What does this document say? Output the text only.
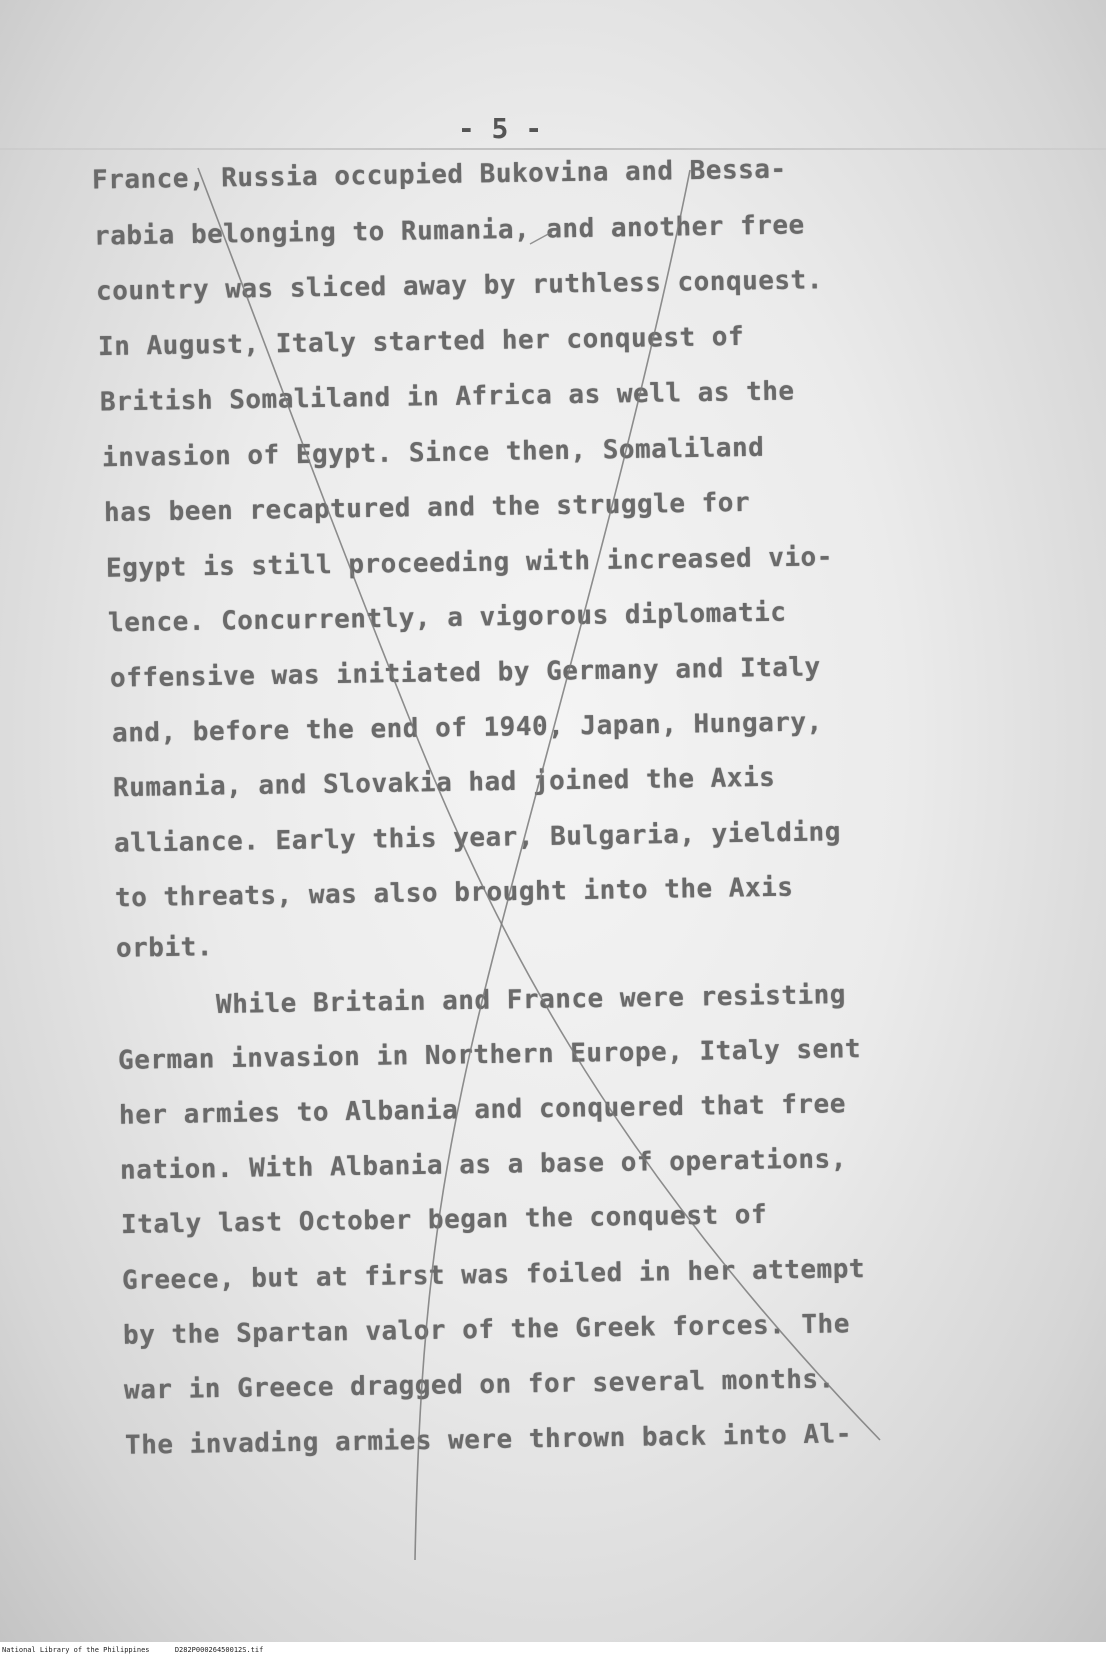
- 5 -
France, Russia occupied Bukovina and Bessa-
rabia belonging to Rumania, and another free
country was sliced away by ruthless conquest.
In August, Italy started her conquest of
British Somaliland in Africa as well as the
invasion of Egypt. Since then, Somaliland
has been recaptured and the struggle for
Egypt is still proceeding with increased vio-
lence. Concurrently, a vigorous diplomatic
offensive was initiated by Germany and Italy
and, before the end of 1940, Japan, Hungary,
Rumania, and Slovakia had joined the Axis
alliance. Early this year, Bulgaria, yielding
to threats, was also brought into the Axis
orbit.
While Britain and France were resisting
German invasion in Northern Europe, Italy sent
her armies to Albania and conquered that free
nation. With Albania as a base of operations,
Italy last October began the conquest of
Greece, but at first was foiled in her attempt
by the Spartan valor of the Greek forces. The
war in Greece dragged on for several months.
The invading armies were thrown back into Al-
National Library of the Philippines	D282P00026450012S.tif
